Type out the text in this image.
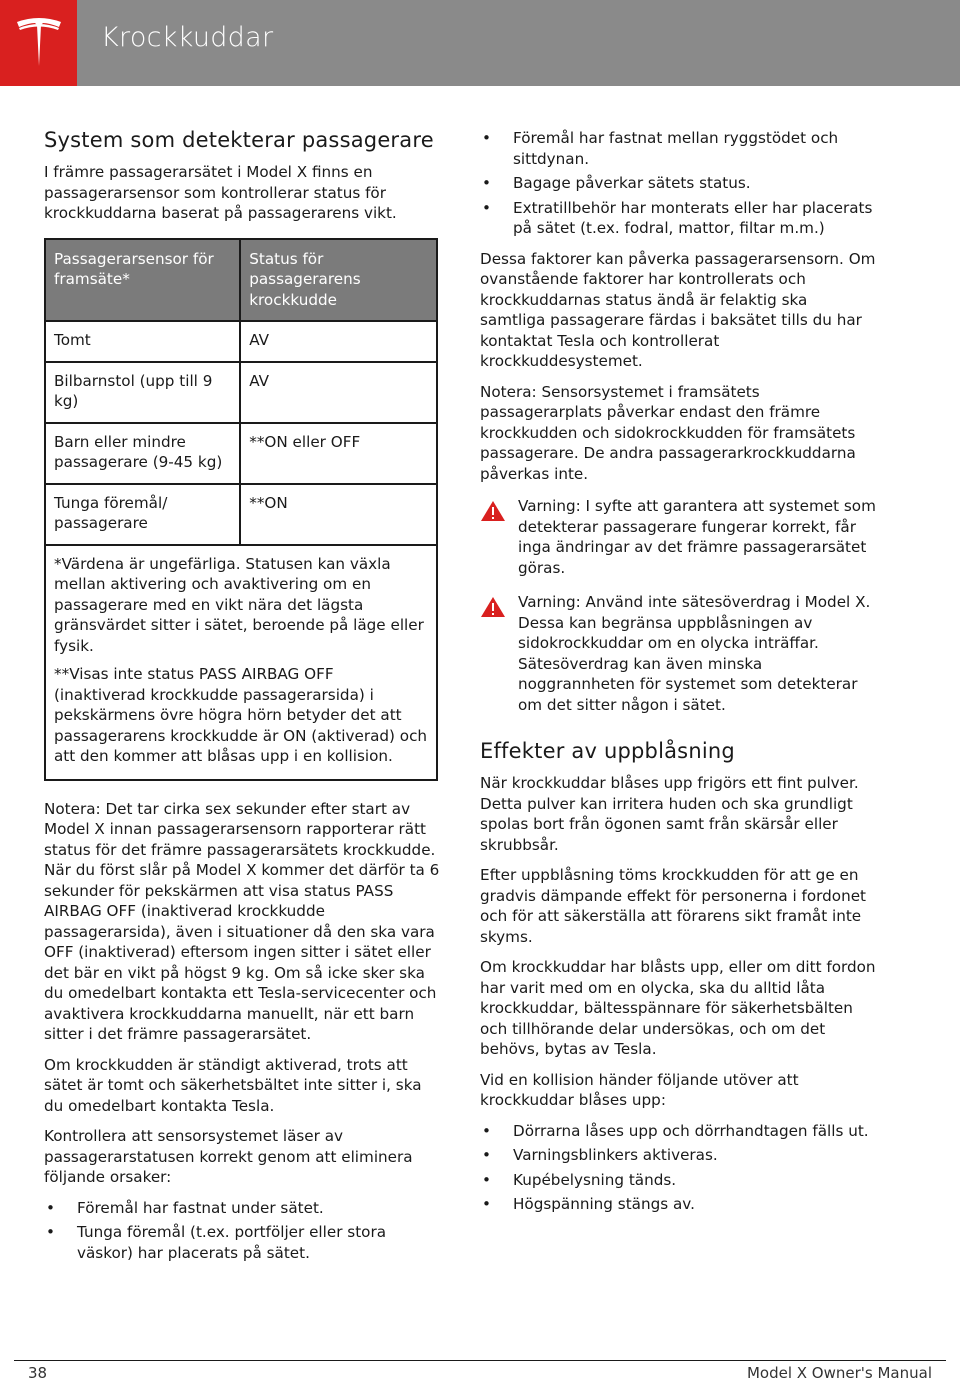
Krockkuddar
System som detekterar passagerare

I främre passagerarsätet i Model X finns en passagerarsensor som kontrollerar status för krockkuddarna baserat på passagerarens vikt.

Passagerarsensor för framsäte*	Status för passagerarens krockkudde
Tomt	AV
Bilbarnstol (upp till 9 kg)	AV
Barn eller mindre passagerare (9-45 kg)	**ON eller OFF
Tunga föremål/ passagerare	**ON

*Värdena är ungefärliga. Statusen kan växla mellan aktivering och avaktivering om en passagerare med en vikt nära det lägsta gränsvärdet sitter i sätet, beroende på läge eller fysik.

**Visas inte status PASS AIRBAG OFF (inaktiverad krockkudde passagerarsida) i pekskärmens övre högra hörn betyder det att passagerarens krockkudde är ON (aktiverad) och att den kommer att blåsas upp i en kollision.	

Notera: Det tar cirka sex sekunder efter start av Model X innan passagerarsensorn rapporterar rätt status för det främre passagerarsätets krockkudde. När du först slår på Model X kommer det därför ta 6 sekunder för pekskärmen att visa status PASS AIRBAG OFF (inaktiverad krockkudde passagerarsida), även i situationer då den ska vara OFF (inaktiverad) eftersom ingen sitter i sätet eller det bär en vikt på högst 9 kg. Om så icke sker ska du omedelbart kontakta ett Tesla-servicecenter och avaktivera krockkuddarna manuellt, när ett barn sitter i det främre passagerarsätet.

Om krockkudden är ständigt aktiverad, trots att sätet är tomt och säkerhetsbältet inte sitter i, ska du omedelbart kontakta Tesla.

Kontrollera att sensorsystemet läser av passagerarstatusen korrekt genom att eliminera följande orsaker:

• Föremål har fastnat under sätet.
• Tunga föremål (t.ex. portföljer eller stora väskor) har placerats på sätet.
• Föremål har fastnat mellan ryggstödet och sittdynan.
• Bagage påverkar sätets status.
• Extratillbehör har monterats eller har placerats på sätet (t.ex. fodral, mattor, filtar m.m.)

Dessa faktorer kan påverka passagerarsensorn. Om ovanstående faktorer har kontrollerats och krockkuddarnas status ändå är felaktig ska samtliga passagerare färdas i baksätet tills du har kontaktat Tesla och kontrollerat krockkuddesystemet.

Notera: Sensorsystemet i framsätets passagerarplats påverkar endast den främre krockkudden och sidokrockkudden för framsätets passagerare. De andra passagerarkrockkuddarna påverkas inte.

Varning: I syfte att garantera att systemet som detekterar passagerare fungerar korrekt, får inga ändringar av det främre passagerarsätet göras.

Varning: Använd inte sätesöverdrag i Model X. Dessa kan begränsa uppblåsningen av sidokrockkuddar om en olycka inträffar. Sätesöverdrag kan även minska noggrannheten för systemet som detekterar om det sitter någon i sätet.

Effekter av uppblåsning

När krockkuddar blåses upp frigörs ett fint pulver. Detta pulver kan irritera huden och ska grundligt spolas bort från ögonen samt från skärsår eller skrubbsår.

Efter uppblåsning töms krockkudden för att ge en gradvis dämpande effekt för personerna i fordonet och för att säkerställa att förarens sikt framåt inte skyms.

Om krockkuddar har blåsts upp, eller om ditt fordon har varit med om en olycka, ska du alltid låta krockkuddar, bältesspännare för säkerhetsbälten och tillhörande delar undersökas, och om det behövs, bytas av Tesla.

Vid en kollision händer följande utöver att krockkuddar blåses upp:

• Dörrarna låses upp och dörrhandtagen fälls ut.
• Varningsblinkers aktiveras.
• Kupébelysning tänds.
• Högspänning stängs av.
38	Model X Owner's Manual
